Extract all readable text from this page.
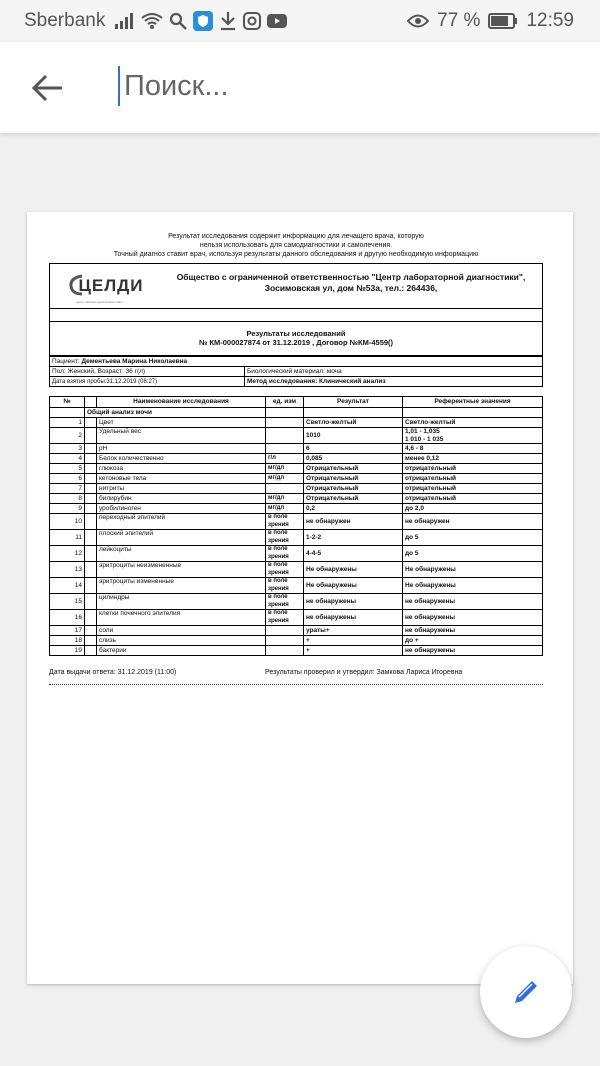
Sberbank	77 % 12:59
Поиск...
Результат исследования содержит информацию для лечащего врача, которую
нельзя использовать для самодиагностики и самолечения.
Точный диагноз ставит врач, используя результаты данного обследования и другую необходимую информацию
ЦЕЛДИ
центр лабораторной диагностики
Общество с ограниченной ответственностью "Центр лабораторной диагностики",
Зосимовская ул, дом №53а, тел.: 264436,
Результаты исследований
№ КМ-000027874 от 31.12.2019 , Договор №КМ-4559()
Пациент: Дементьева Марина Николаевна	
Пол: Женский, Возраст: 36 г(л)	Биологический материал: моча
Дата взятия пробы:31.12.2019 (08:27)	Метод исследования: Клинический анализ
№		Наименование исследования	ед. изм	Результат	Референтные значения
	Общий анализ мочи				
1		Цвет		Светло-желтый	Светло-желтый
2		Удельный вес		1010	1,01 - 1,035
1 010 - 1 035
3		pH		6	4,6 - 8
4		Белок количественно	г/л	0,085	менее 0,12
5		глюкоза	мг/дл	Отрицательный	отрицательный
6		кетоновые тела	мг/дл	Отрицательный	отрицательный
7		нитриты		Отрицательный	отрицательный
8		билирубин	мг/дл	Отрицательный	отрицательный
9		уробилиноген	мг/дл	0,2	до 2,0
10		переходный эпителий	в поле зрения	не обнаружен	не обнаружен
11		плоский эпителий	в поле зрения	1-2-2	до 5
12		лейкоциты	в поле зрения	4-4-5	до 5
13		эритроциты неизмененные	в поле зрения	Не обнаружены	Не обнаружены
14		эритроциты измененные	в поле зрения	Не обнаружены	Не обнаружены
15		цилиндры	в поле зрения	не обнаружены	не обнаружены
16		клетки почечного эпителия	в поле зрения	не обнаружены	не обнаружены
17		соли		ураты+	не обнаружены
18		слизь		+	до +
19		бактерии		+	не обнаружены
Дата выдачи ответа: 31.12.2019 (11:00)	Результаты проверил и утвердил: Замкова Лариса Игоревна
